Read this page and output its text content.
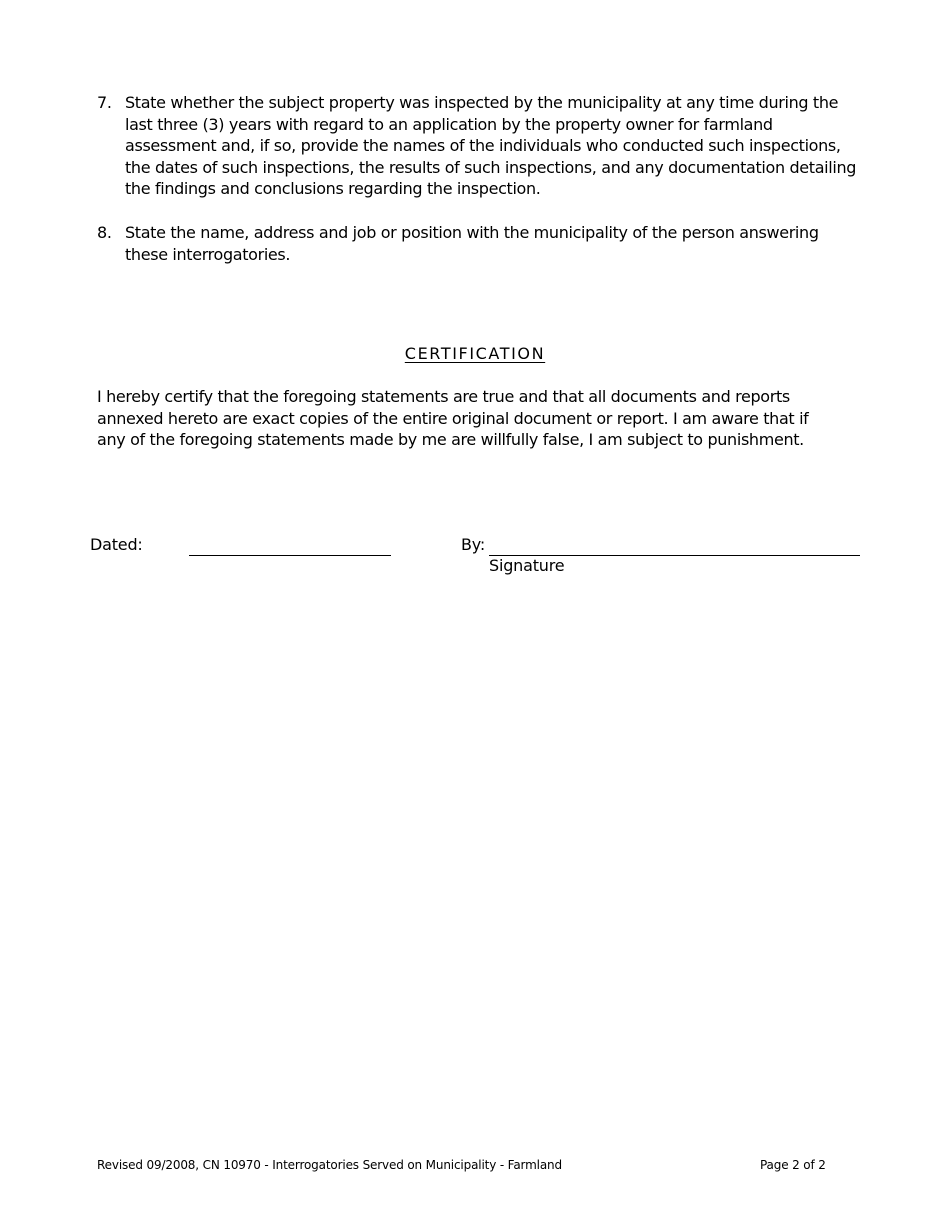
7. State whether the subject property was inspected by the municipality at any time during the last three (3) years with regard to an application by the property owner for farmland assessment and, if so, provide the names of the individuals who conducted such inspections, the dates of such inspections, the results of such inspections, and any documentation detailing the findings and conclusions regarding the inspection.
8. State the name, address and job or position with the municipality of the person answering these interrogatories.
CERTIFICATION
I hereby certify that the foregoing statements are true and that all documents and reports annexed hereto are exact copies of the entire original document or report. I am aware that if any of the foregoing statements made by me are willfully false, I am subject to punishment.
Dated:	By:
Signature
Revised 09/2008, CN 10970 - Interrogatories Served on Municipality - Farmland	Page 2 of 2
